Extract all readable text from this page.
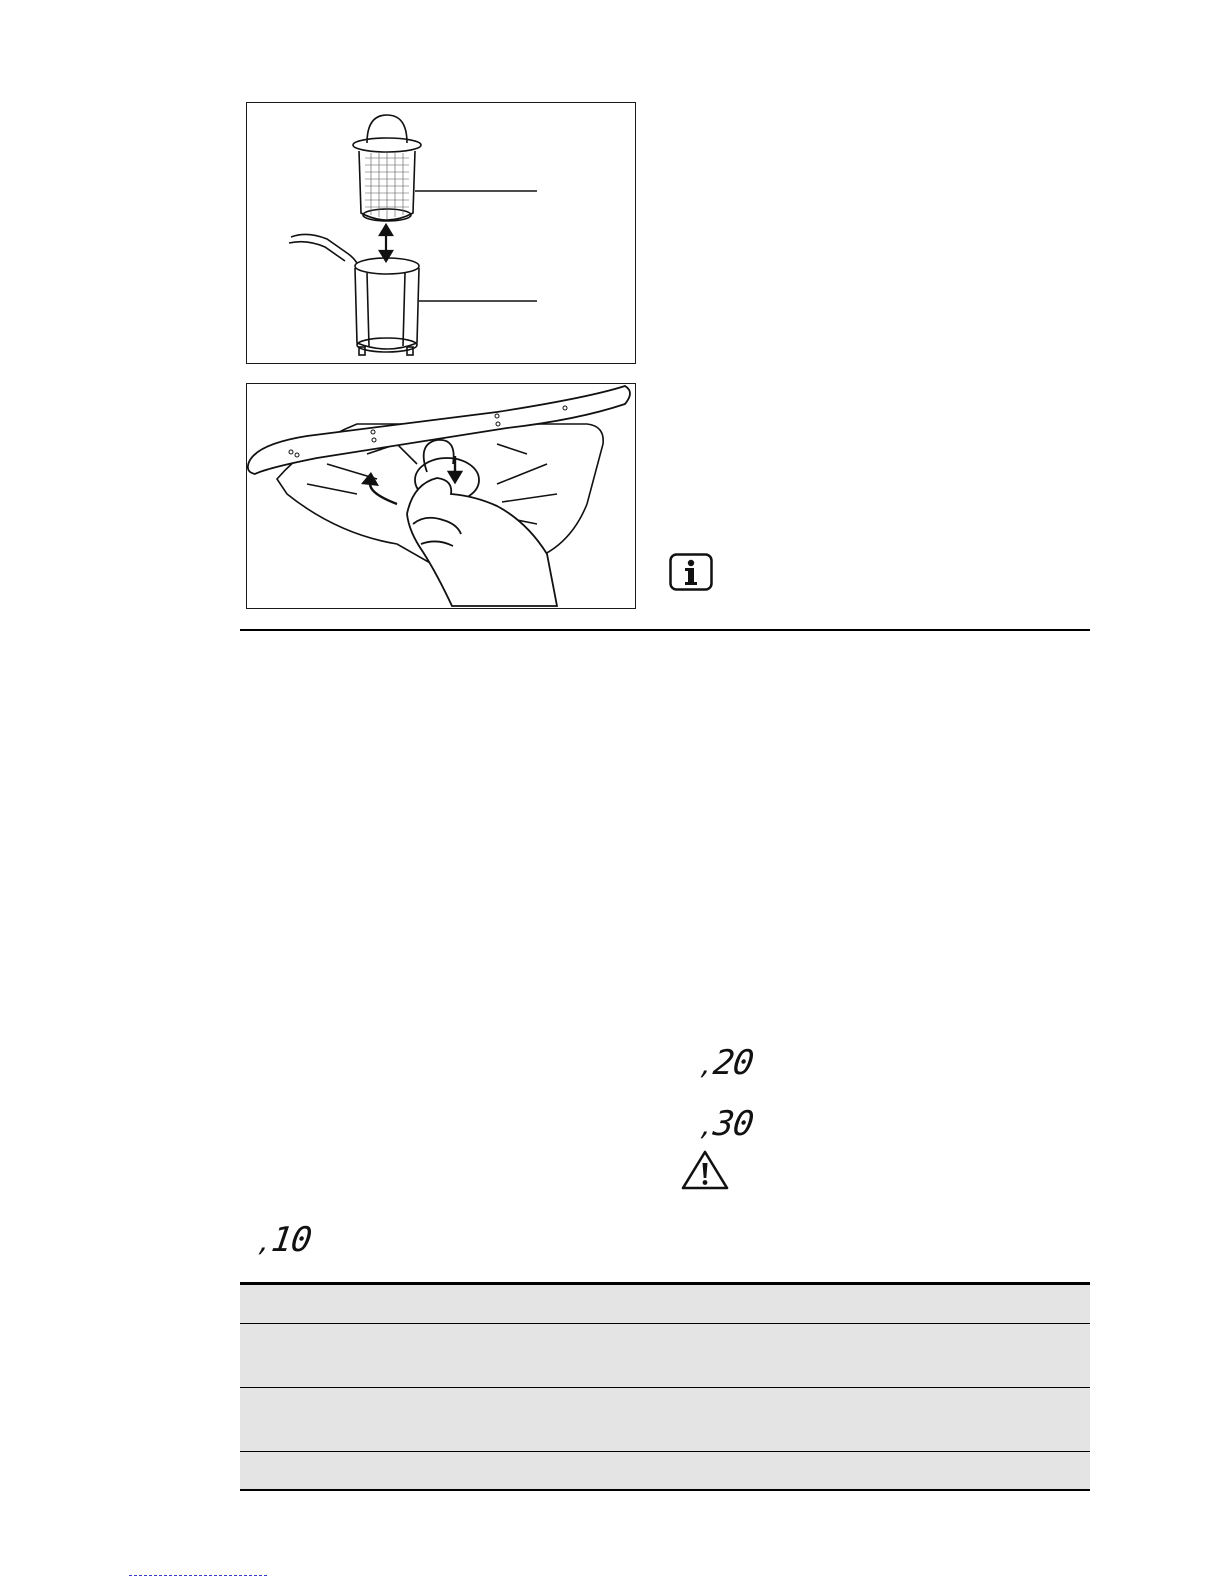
,20
,30
,10
